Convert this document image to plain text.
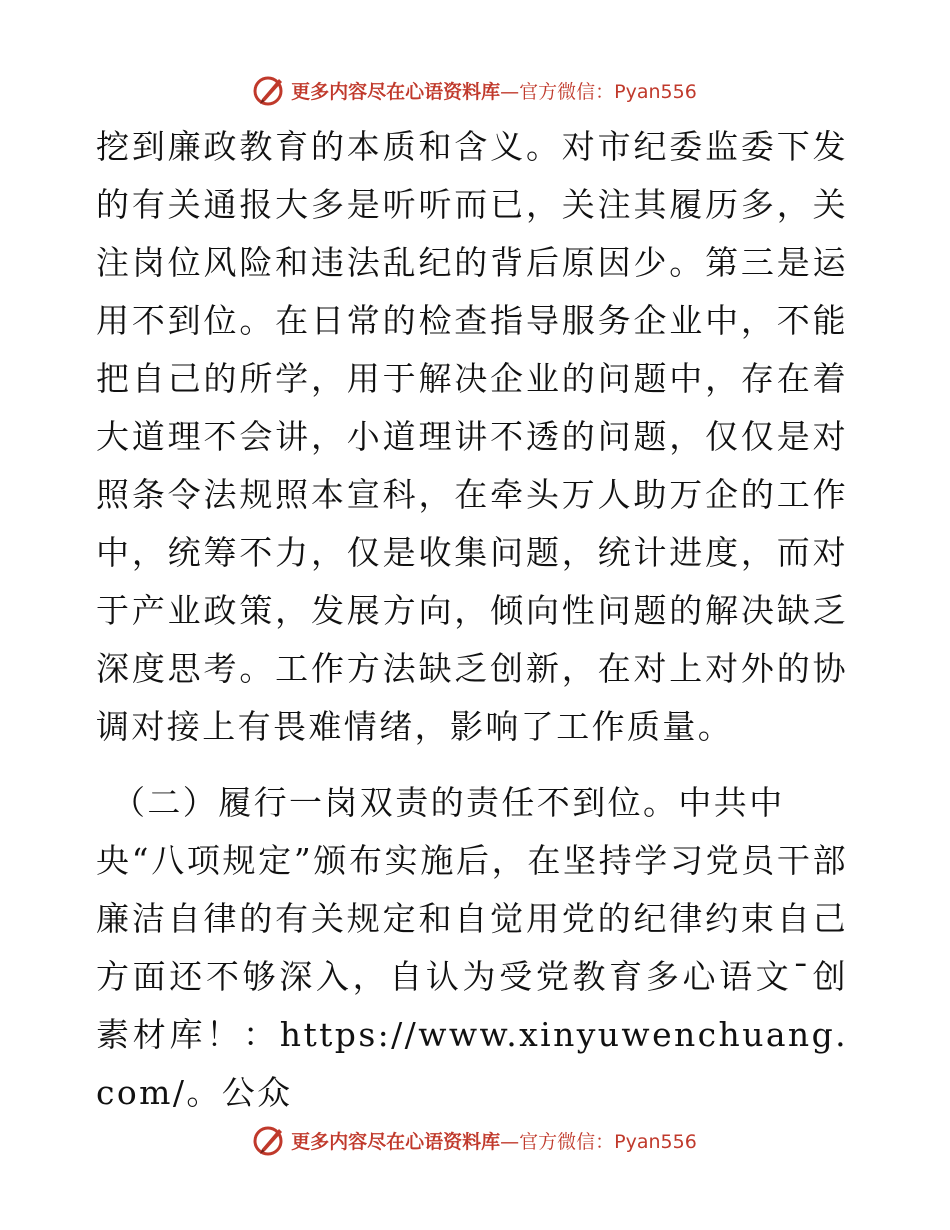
更多内容尽在心语资料库—官方微信：Pyan556

挖到廉政教育的本质和含义。对市纪委监委下发的有关通报大多是听听而已，关注其履历多，关注岗位风险和违法乱纪的背后原因少。第三是运用不到位。在日常的检查指导服务企业中，不能把自己的所学，用于解决企业的问题中，存在着大道理不会讲，小道理讲不透的问题，仅仅是对照条令法规照本宣科，在牵头万人助万企的工作中，统筹不力，仅是收集问题，统计进度，而对于产业政策，发展方向，倾向性问题的解决缺乏深度思考。工作方法缺乏创新，在对上对外的协调对接上有畏难情绪，影响了工作质量。

（二）履行一岗双责的责任不到位。中共中
央“八项规定”颁布实施后，在坚持学习党员干部廉洁自律的有关规定和自觉用党的纪律约束自己方面还不够深入，自认为受党教育多心语文¯创素材库！：https://www.xinyuwenchuang.com/。公众

更多内容尽在心语资料库—官方微信：Pyan556
